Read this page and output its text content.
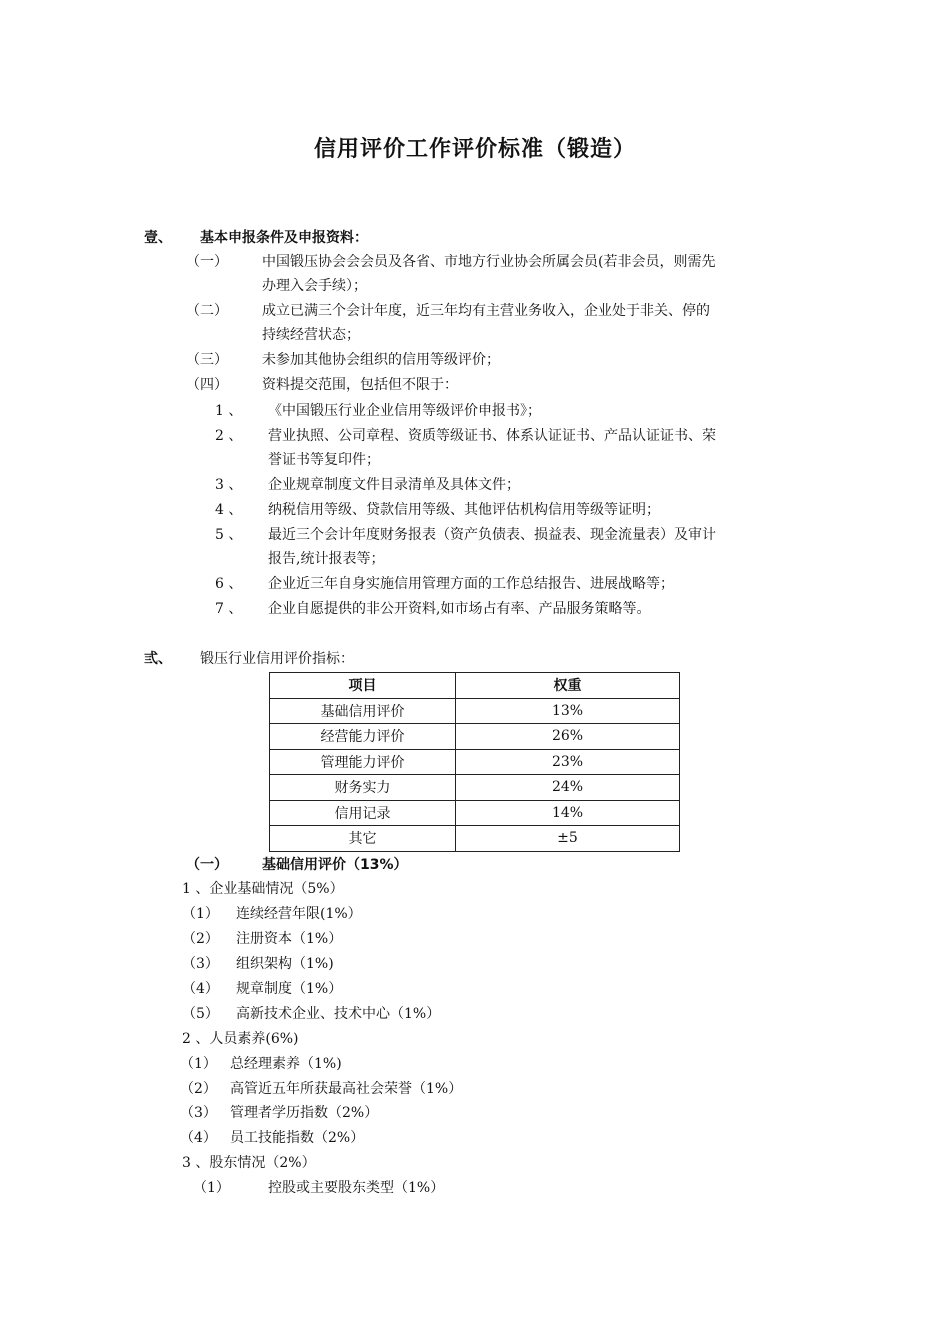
信用评价工作评价标准（锻造）
壹、 基本申报条件及申报资料：
（一） 中国锻压协会会会员及各省、市地方行业协会所属会员(若非会员，则需先
办理入会手续）；
（二） 成立已满三个会计年度，近三年均有主营业务收入，企业处于非关、停的
持续经营状态；
（三） 未参加其他协会组织的信用等级评价；
（四） 资料提交范围，包括但不限于：
1 、 《中国锻压行业企业信用等级评价申报书》；
2 、 营业执照、公司章程、资质等级证书、体系认证证书、产品认证证书、荣
誉证书等复印件；
3 、 企业规章制度文件目录清单及具体文件；
4 、 纳税信用等级、贷款信用等级、其他评估机构信用等级等证明；
5 、 最近三个会计年度财务报表（资产负债表、损益表、现金流量表）及审计
报告,统计报表等；
6 、 企业近三年自身实施信用管理方面的工作总结报告、进展战略等；
7 、 企业自愿提供的非公开资料,如市场占有率、产品服务策略等。
弎、 锻压行业信用评价指标：
项目	权重
基础信用评价	13%
经营能力评价	26%
管理能力评价	23%
财务实力	24%
信用记录	14%
其它	±5
（一） 基础信用评价（13%）
1 、企业基础情况（5%）
（1） 连续经营年限(1%）
（2） 注册资本（1%）
（3） 组织架构（1%)
（4） 规章制度（1%）
（5） 高新技术企业、技术中心（1%）
2 、人员素养(6%)
（1） 总经理素养（1%)
（2） 高管近五年所获最高社会荣誉（1%）
（3） 管理者学历指数（2%）
（4） 员工技能指数（2%）
3 、股东情况（2%）
（1）	控股或主要股东类型（1%）
